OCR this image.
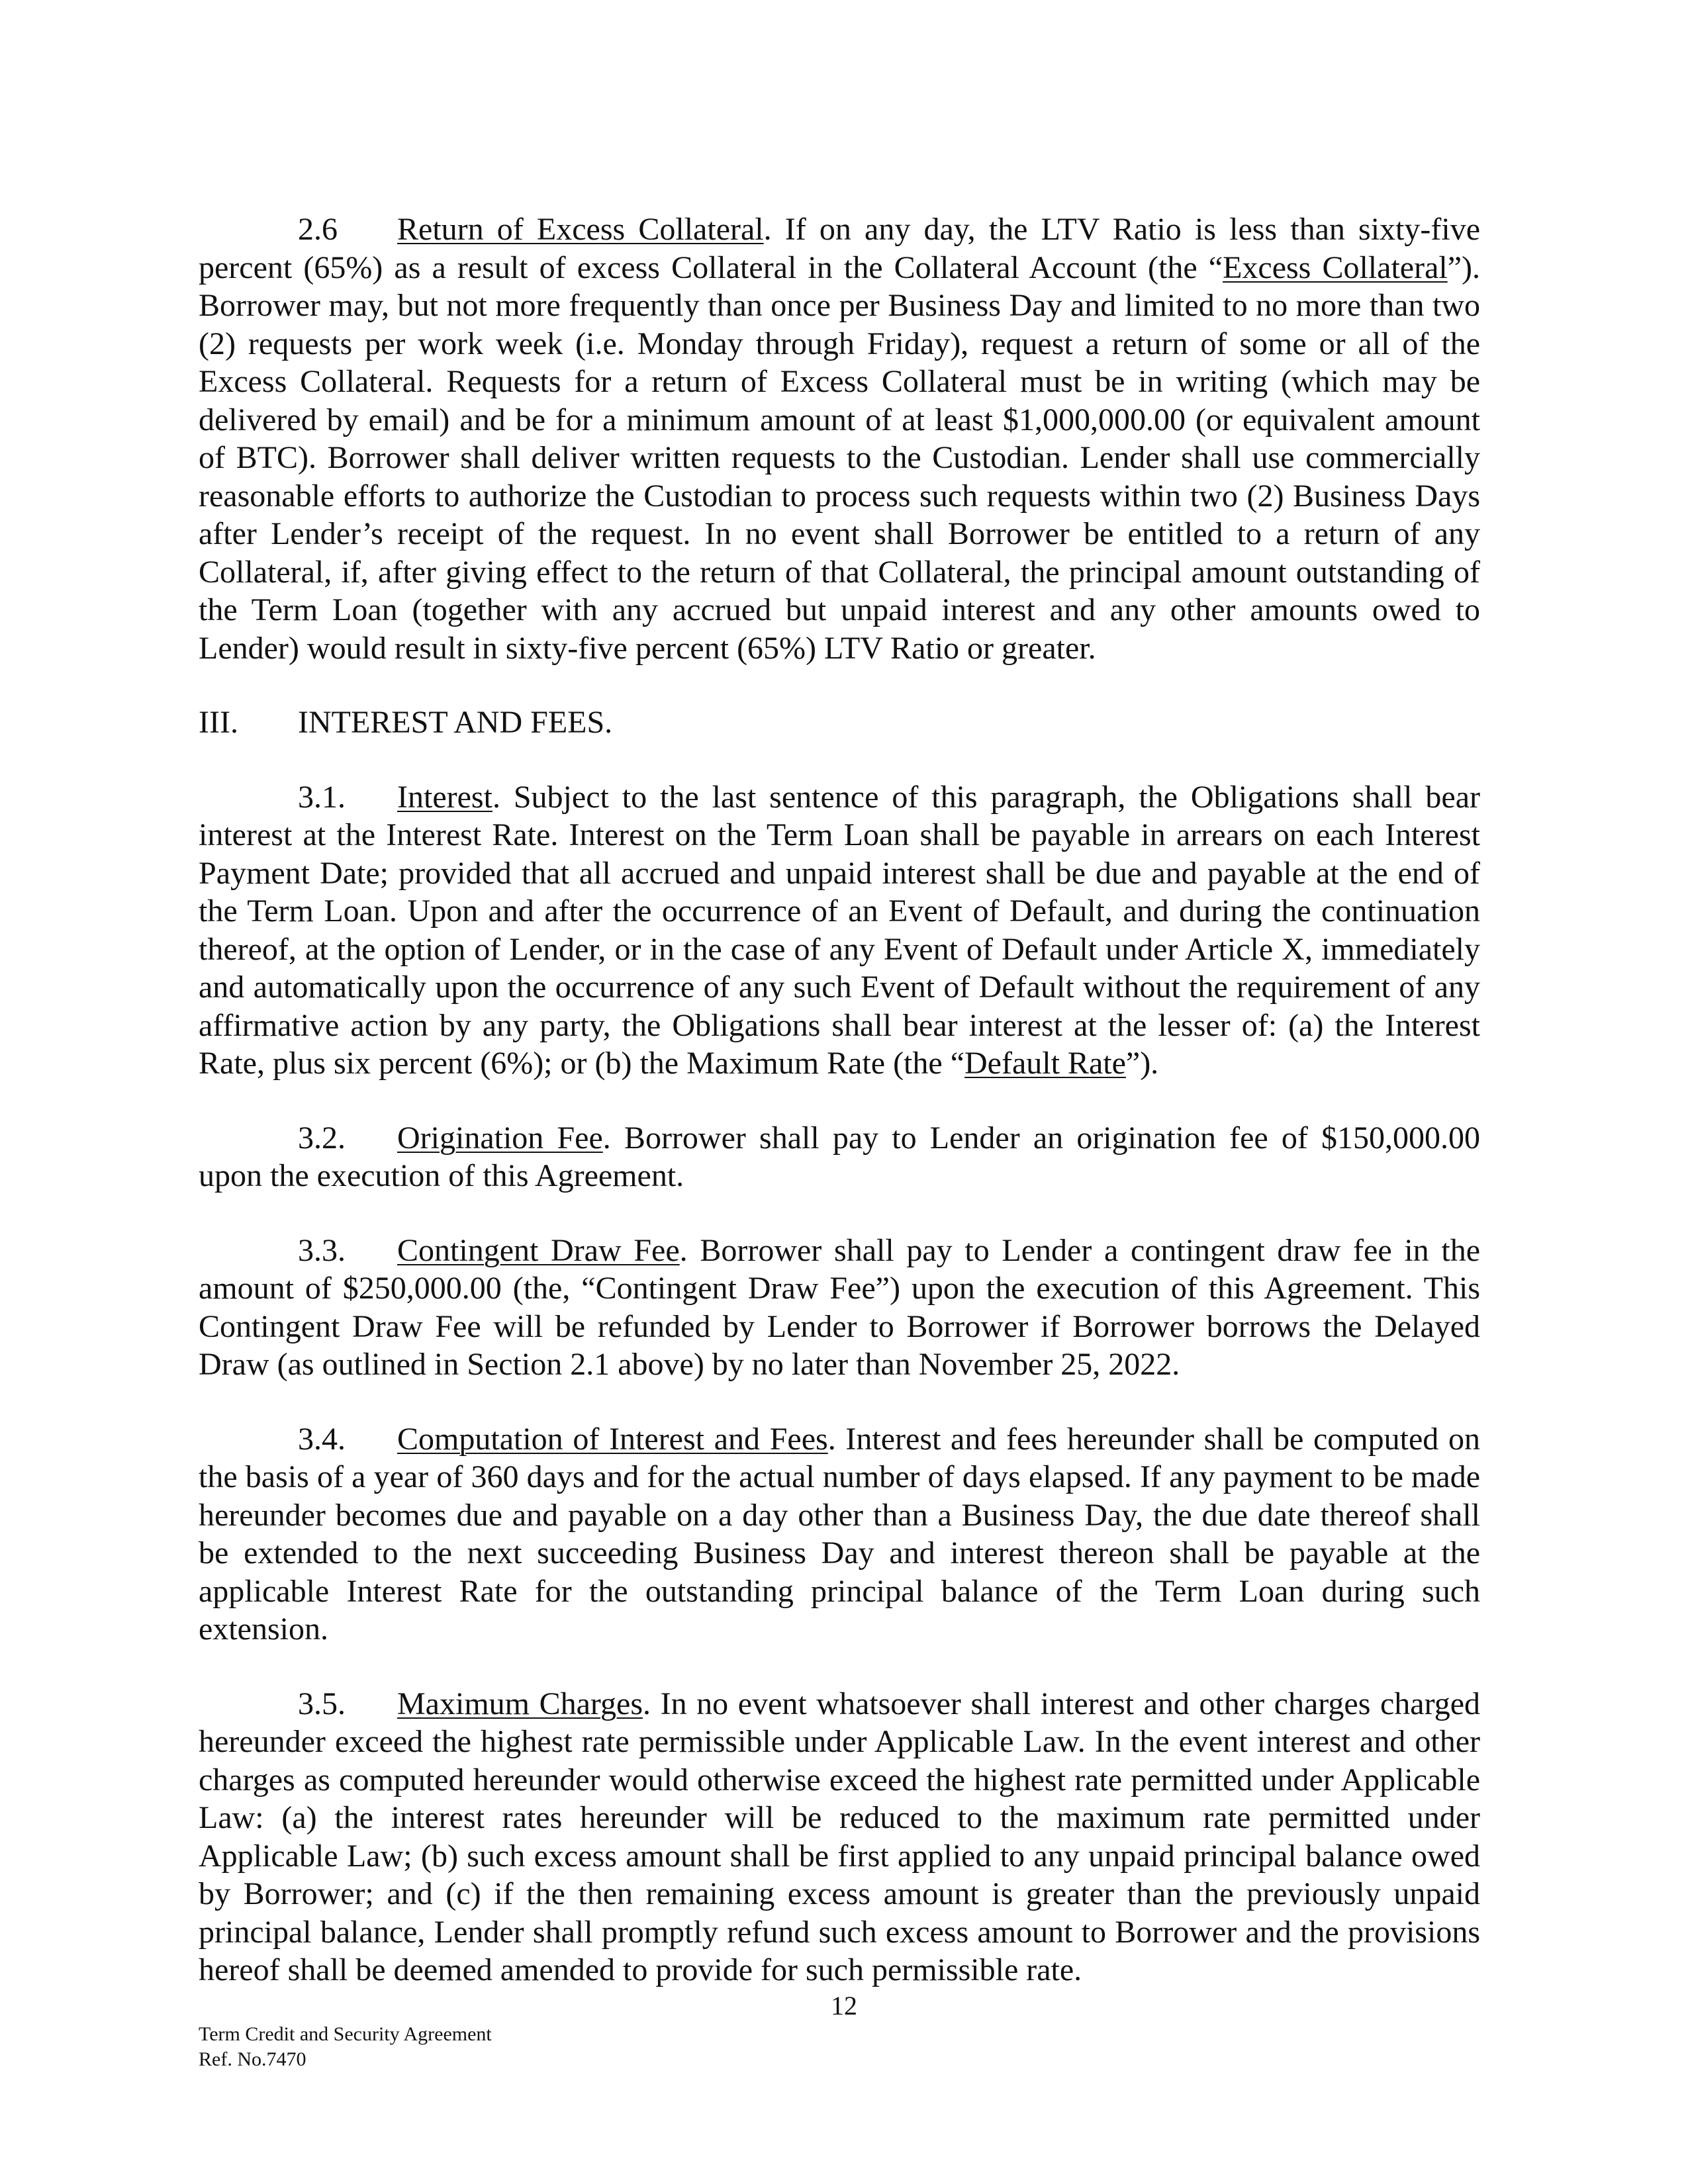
2.6 Return of Excess Collateral. If on any day, the LTV Ratio is less than sixty-five percent (65%) as a result of excess Collateral in the Collateral Account (the “Excess Collateral”). Borrower may, but not more frequently than once per Business Day and limited to no more than two (2) requests per work week (i.e. Monday through Friday), request a return of some or all of the Excess Collateral. Requests for a return of Excess Collateral must be in writing (which may be delivered by email) and be for a minimum amount of at least $1,000,000.00 (or equivalent amount of BTC). Borrower shall deliver written requests to the Custodian. Lender shall use commercially reasonable efforts to authorize the Custodian to process such requests within two (2) Business Days after Lender’s receipt of the request. In no event shall Borrower be entitled to a return of any Collateral, if, after giving effect to the return of that Collateral, the principal amount outstanding of the Term Loan (together with any accrued but unpaid interest and any other amounts owed to Lender) would result in sixty-five percent (65%) LTV Ratio or greater.

III. INTEREST AND FEES.

3.1. Interest. Subject to the last sentence of this paragraph, the Obligations shall bear interest at the Interest Rate. Interest on the Term Loan shall be payable in arrears on each Interest Payment Date; provided that all accrued and unpaid interest shall be due and payable at the end of the Term Loan. Upon and after the occurrence of an Event of Default, and during the continuation thereof, at the option of Lender, or in the case of any Event of Default under Article X, immediately and automatically upon the occurrence of any such Event of Default without the requirement of any affirmative action by any party, the Obligations shall bear interest at the lesser of: (a) the Interest Rate, plus six percent (6%); or (b) the Maximum Rate (the “Default Rate”).

3.2. Origination Fee. Borrower shall pay to Lender an origination fee of $150,000.00 upon the execution of this Agreement.

3.3. Contingent Draw Fee. Borrower shall pay to Lender a contingent draw fee in the amount of $250,000.00 (the, “Contingent Draw Fee”) upon the execution of this Agreement. This Contingent Draw Fee will be refunded by Lender to Borrower if Borrower borrows the Delayed Draw (as outlined in Section 2.1 above) by no later than November 25, 2022.

3.4. Computation of Interest and Fees. Interest and fees hereunder shall be computed on the basis of a year of 360 days and for the actual number of days elapsed. If any payment to be made hereunder becomes due and payable on a day other than a Business Day, the due date thereof shall be extended to the next succeeding Business Day and interest thereon shall be payable at the applicable Interest Rate for the outstanding principal balance of the Term Loan during such extension.

3.5. Maximum Charges. In no event whatsoever shall interest and other charges charged hereunder exceed the highest rate permissible under Applicable Law. In the event interest and other charges as computed hereunder would otherwise exceed the highest rate permitted under Applicable Law: (a) the interest rates hereunder will be reduced to the maximum rate permitted under Applicable Law; (b) such excess amount shall be first applied to any unpaid principal balance owed by Borrower; and (c) if the then remaining excess amount is greater than the previously unpaid principal balance, Lender shall promptly refund such excess amount to Borrower and the provisions hereof shall be deemed amended to provide for such permissible rate.

12
Term Credit and Security Agreement
Ref. No.7470
